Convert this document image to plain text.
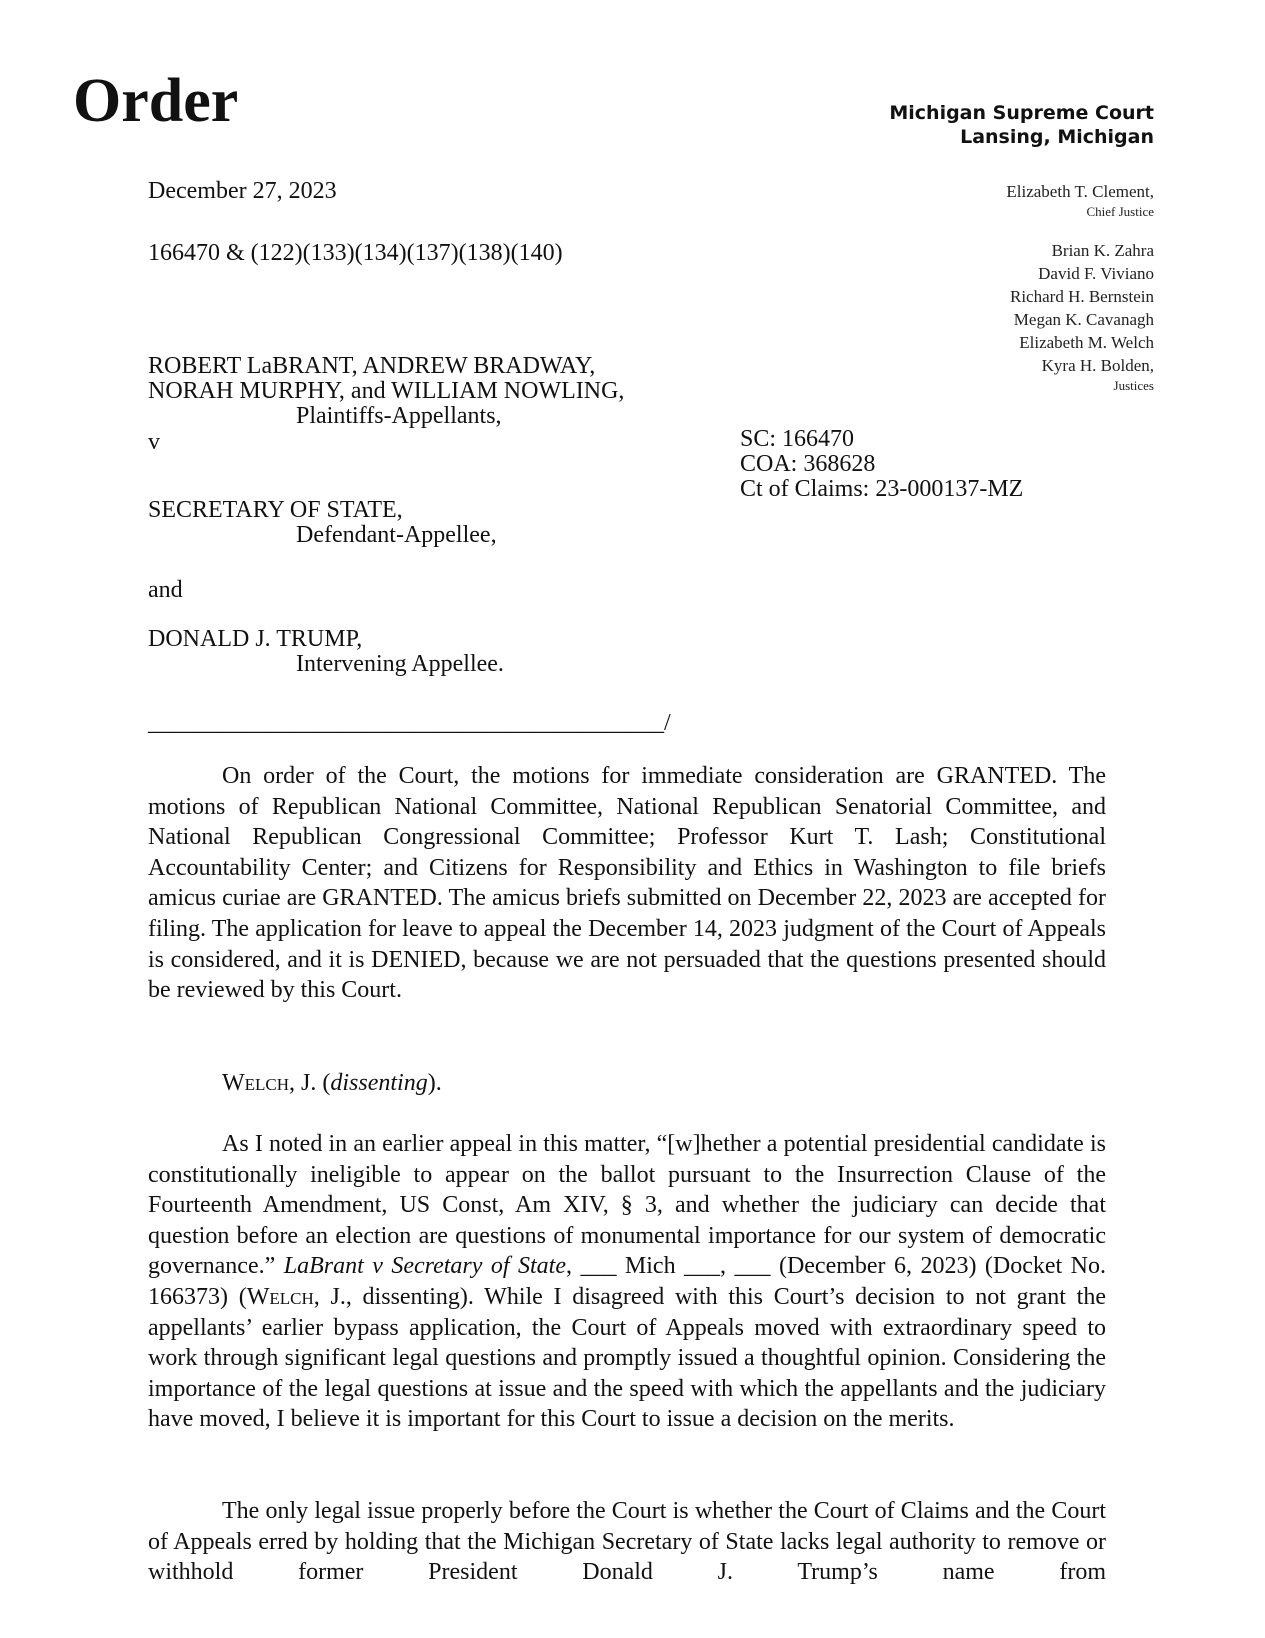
Order	Michigan Supreme Court
Lansing, Michigan
Elizabeth T. Clement,
Chief Justice
Brian K. Zahra
David F. Viviano
Richard H. Bernstein
Megan K. Cavanagh
Elizabeth M. Welch
Kyra H. Bolden,
Justices
December 27, 2023
166470 & (122)(133)(134)(137)(138)(140)
ROBERT LaBRANT, ANDREW BRADWAY,
NORAH MURPHY, and WILLIAM NOWLING,
Plaintiffs-Appellants,
v
SECRETARY OF STATE,
Defendant-Appellee,
and
DONALD J. TRUMP,
Intervening Appellee.
___________________________________________/
SC: 166470
COA: 368628
Ct of Claims: 23-000137-MZ

On order of the Court, the motions for immediate consideration are GRANTED. The motions of Republican National Committee, National Republican Senatorial Committee, and National Republican Congressional Committee; Professor Kurt T. Lash; Constitutional Accountability Center; and Citizens for Responsibility and Ethics in Washington to file briefs amicus curiae are GRANTED. The amicus briefs submitted on December 22, 2023 are accepted for filing. The application for leave to appeal the December 14, 2023 judgment of the Court of Appeals is considered, and it is DENIED, because we are not persuaded that the questions presented should be reviewed by this Court.

Welch, J. (dissenting).

As I noted in an earlier appeal in this matter, “[w]hether a potential presidential candidate is constitutionally ineligible to appear on the ballot pursuant to the Insurrection Clause of the Fourteenth Amendment, US Const, Am XIV, § 3, and whether the judiciary can decide that question before an election are questions of monumental importance for our system of democratic governance.” LaBrant v Secretary of State, ___ Mich ___, ___ (December 6, 2023) (Docket No. 166373) (Welch, J., dissenting). While I disagreed with this Court’s decision to not grant the appellants’ earlier bypass application, the Court of Appeals moved with extraordinary speed to work through significant legal questions and promptly issued a thoughtful opinion. Considering the importance of the legal questions at issue and the speed with which the appellants and the judiciary have moved, I believe it is important for this Court to issue a decision on the merits.

The only legal issue properly before the Court is whether the Court of Claims and the Court of Appeals erred by holding that the Michigan Secretary of State lacks legal authority to remove or withhold former President Donald J. Trump’s name from
